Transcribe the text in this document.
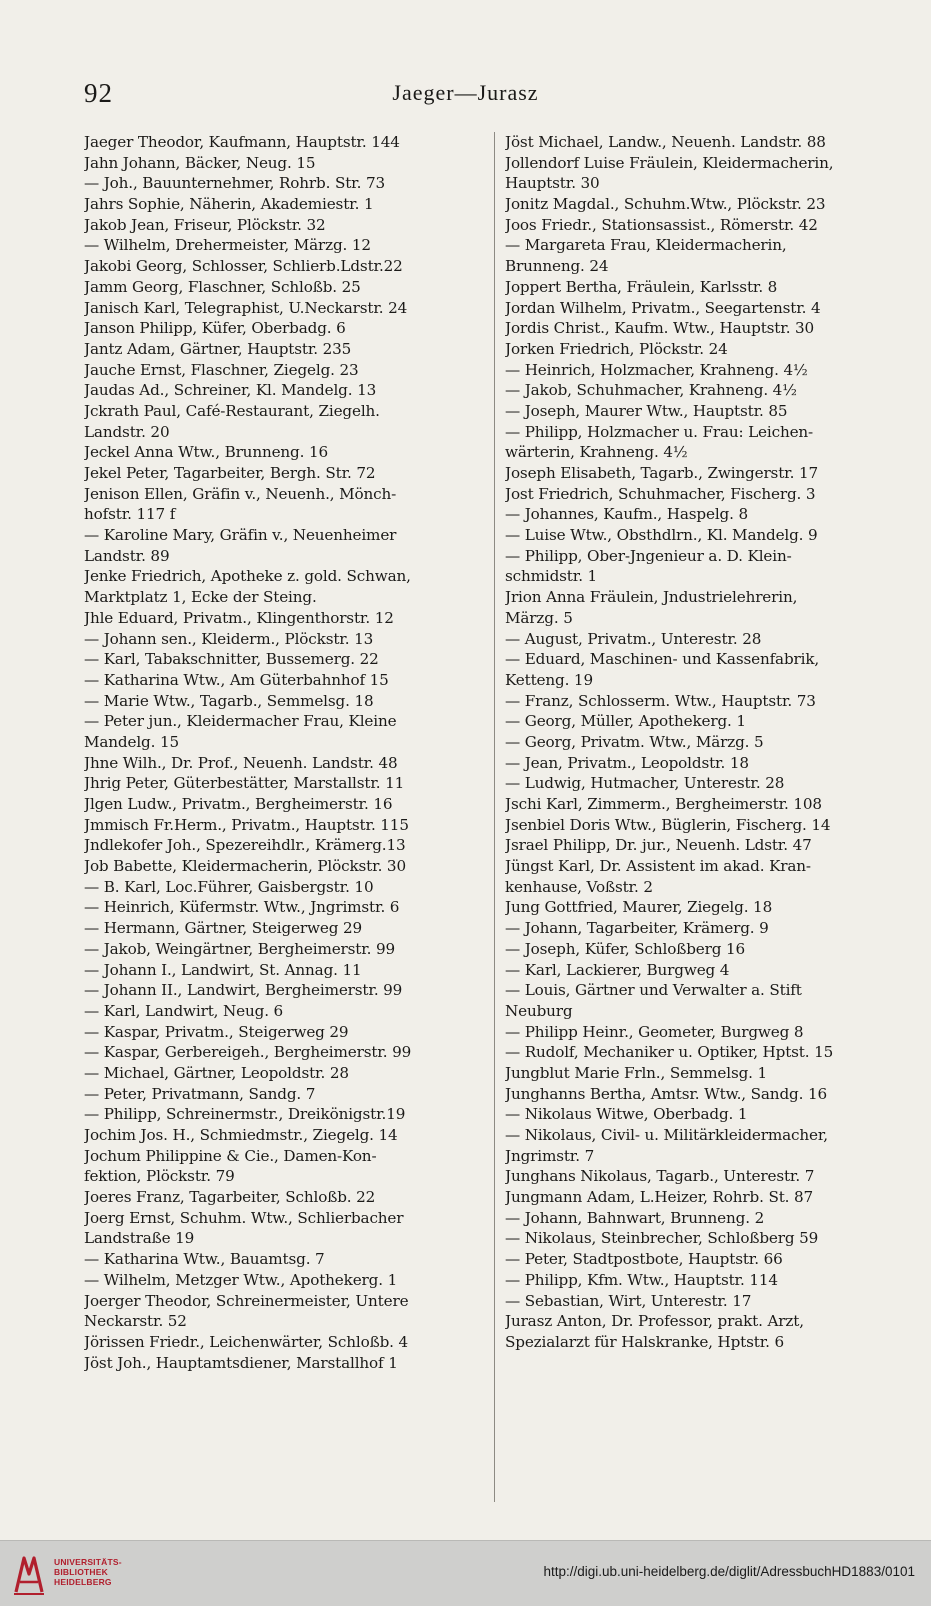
92	Jaeger—Jurasz
Jaeger Theodor, Kaufmann, Hauptstr. 144
Jahn Johann, Bäcker, Neug. 15
— Joh., Bauunternehmer, Rohrb. Str. 73
Jahrs Sophie, Näherin, Akademiestr. 1
Jakob Jean, Friseur, Plöckstr. 32
— Wilhelm, Drehermeister, Märzg. 12
Jakobi Georg, Schlosser, Schlierb.Ldstr.22
Jamm Georg, Flaschner, Schloßb. 25
Janisch Karl, Telegraphist, U.Neckarstr. 24
Janson Philipp, Küfer, Oberbadg. 6
Jantz Adam, Gärtner, Hauptstr. 235
Jauche Ernst, Flaschner, Ziegelg. 23
Jaudas Ad., Schreiner, Kl. Mandelg. 13
Jckrath Paul, Café-Restaurant, Ziegelh.
Landstr. 20
Jeckel Anna Wtw., Brunneng. 16
Jekel Peter, Tagarbeiter, Bergh. Str. 72
Jenison Ellen, Gräfin v., Neuenh., Mönch-
hofstr. 117 f
— Karoline Mary, Gräfin v., Neuenheimer
Landstr. 89
Jenke Friedrich, Apotheke z. gold. Schwan,
Marktplatz 1, Ecke der Steing.
Jhle Eduard, Privatm., Klingenthorstr. 12
— Johann sen., Kleiderm., Plöckstr. 13
— Karl, Tabakschnitter, Bussemerg. 22
— Katharina Wtw., Am Güterbahnhof 15
— Marie Wtw., Tagarb., Semmelsg. 18
— Peter jun., Kleidermacher Frau, Kleine
Mandelg. 15
Jhne Wilh., Dr. Prof., Neuenh. Landstr. 48
Jhrig Peter, Güterbestätter, Marstallstr. 11
Jlgen Ludw., Privatm., Bergheimerstr. 16
Jmmisch Fr.Herm., Privatm., Hauptstr. 115
Jndlekofer Joh., Spezereihdlr., Krämerg.13
Job Babette, Kleidermacherin, Plöckstr. 30
— B. Karl, Loc.Führer, Gaisbergstr. 10
— Heinrich, Küfermstr. Wtw., Jngrimstr. 6
— Hermann, Gärtner, Steigerweg 29
— Jakob, Weingärtner, Bergheimerstr. 99
— Johann I., Landwirt, St. Annag. 11
— Johann II., Landwirt, Bergheimerstr. 99
— Karl, Landwirt, Neug. 6
— Kaspar, Privatm., Steigerweg 29
— Kaspar, Gerbereigeh., Bergheimerstr. 99
— Michael, Gärtner, Leopoldstr. 28
— Peter, Privatmann, Sandg. 7
— Philipp, Schreinermstr., Dreikönigstr.19
Jochim Jos. H., Schmiedmstr., Ziegelg. 14
Jochum Philippine & Cie., Damen-Kon-
fektion, Plöckstr. 79
Joeres Franz, Tagarbeiter, Schloßb. 22
Joerg Ernst, Schuhm. Wtw., Schlierbacher
Landstraße 19
— Katharina Wtw., Bauamtsg. 7
— Wilhelm, Metzger Wtw., Apothekerg. 1
Joerger Theodor, Schreinermeister, Untere
Neckarstr. 52
Jörissen Friedr., Leichenwärter, Schloßb. 4
Jöst Joh., Hauptamtsdiener, Marstallhof 1
Jöst Michael, Landw., Neuenh. Landstr. 88
Jollendorf Luise Fräulein, Kleidermacherin,
Hauptstr. 30
Jonitz Magdal., Schuhm.Wtw., Plöckstr. 23
Joos Friedr., Stationsassist., Römerstr. 42
— Margareta Frau, Kleidermacherin,
Brunneng. 24
Joppert Bertha, Fräulein, Karlsstr. 8
Jordan Wilhelm, Privatm., Seegartenstr. 4
Jordis Christ., Kaufm. Wtw., Hauptstr. 30
Jorken Friedrich, Plöckstr. 24
— Heinrich, Holzmacher, Krahneng. 4½
— Jakob, Schuhmacher, Krahneng. 4½
— Joseph, Maurer Wtw., Hauptstr. 85
— Philipp, Holzmacher u. Frau: Leichen-
wärterin, Krahneng. 4½
Joseph Elisabeth, Tagarb., Zwingerstr. 17
Jost Friedrich, Schuhmacher, Fischerg. 3
— Johannes, Kaufm., Haspelg. 8
— Luise Wtw., Obsthdlrn., Kl. Mandelg. 9
— Philipp, Ober-Jngenieur a. D. Klein-
schmidstr. 1
Jrion Anna Fräulein, Jndustrielehrerin,
Märzg. 5
— August, Privatm., Unterestr. 28
— Eduard, Maschinen- und Kassenfabrik,
Ketteng. 19
— Franz, Schlosserm. Wtw., Hauptstr. 73
— Georg, Müller, Apothekerg. 1
— Georg, Privatm. Wtw., Märzg. 5
— Jean, Privatm., Leopoldstr. 18
— Ludwig, Hutmacher, Unterestr. 28
Jschi Karl, Zimmerm., Bergheimerstr. 108
Jsenbiel Doris Wtw., Büglerin, Fischerg. 14
Jsrael Philipp, Dr. jur., Neuenh. Ldstr. 47
Jüngst Karl, Dr. Assistent im akad. Kran-
kenhause, Voßstr. 2
Jung Gottfried, Maurer, Ziegelg. 18
— Johann, Tagarbeiter, Krämerg. 9
— Joseph, Küfer, Schloßberg 16
— Karl, Lackierer, Burgweg 4
— Louis, Gärtner und Verwalter a. Stift
Neuburg
— Philipp Heinr., Geometer, Burgweg 8
— Rudolf, Mechaniker u. Optiker, Hptst. 15
Jungblut Marie Frln., Semmelsg. 1
Junghanns Bertha, Amtsr. Wtw., Sandg. 16
— Nikolaus Witwe, Oberbadg. 1
— Nikolaus, Civil- u. Militärkleidermacher,
Jngrimstr. 7
Junghans Nikolaus, Tagarb., Unterestr. 7
Jungmann Adam, L.Heizer, Rohrb. St. 87
— Johann, Bahnwart, Brunneng. 2
— Nikolaus, Steinbrecher, Schloßberg 59
— Peter, Stadtpostbote, Hauptstr. 66
— Philipp, Kfm. Wtw., Hauptstr. 114
— Sebastian, Wirt, Unterestr. 17
Jurasz Anton, Dr. Professor, prakt. Arzt,
Spezialarzt für Halskranke, Hptstr. 6
UNIVERSITÄTS-
BIBLIOTHEK
HEIDELBERG
http://digi.ub.uni-heidelberg.de/diglit/AdressbuchHD1883/0101
